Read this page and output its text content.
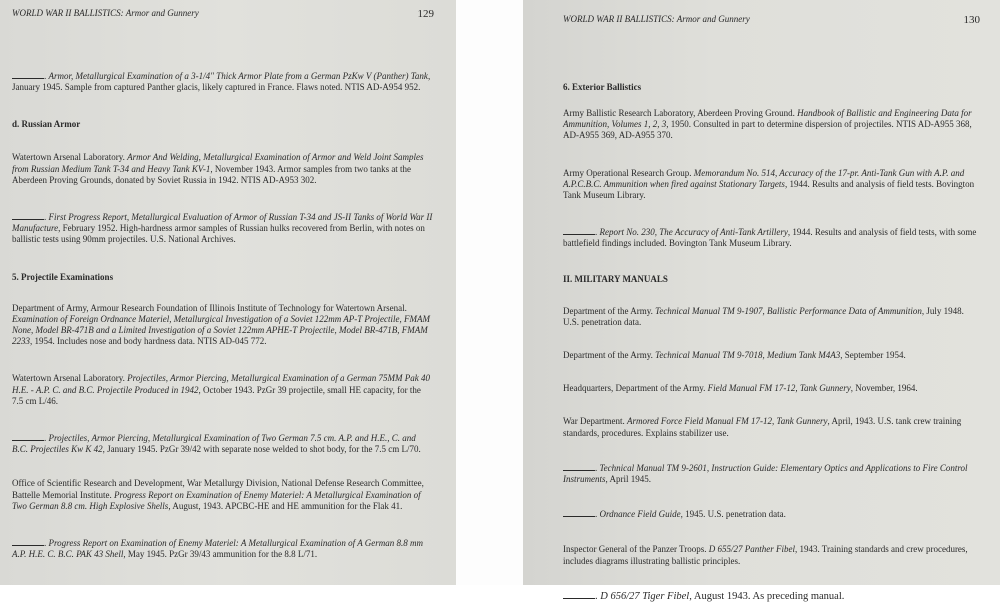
WORLD WAR II BALLISTICS: Armor and Gunnery	129

. Armor, Metallurgical Examination of a 3-1/4" Thick Armor Plate from a German PzKw V (Panther) Tank, January 1945. Sample from captured Panther glacis, likely captured in France. Flaws noted. NTIS AD-A954 952.

d. Russian Armor

Watertown Arsenal Laboratory. Armor And Welding, Metallurgical Examination of Armor and Weld Joint Samples from Russian Medium Tank T-34 and Heavy Tank KV-1, November 1943. Armor samples from two tanks at the Aberdeen Proving Grounds, donated by Soviet Russia in 1942. NTIS AD-A953 302.

. First Progress Report, Metallurgical Evaluation of Armor of Russian T-34 and JS-II Tanks of World War II Manufacture, February 1952. High-hardness armor samples of Russian hulks recovered from Berlin, with notes on ballistic tests using 90mm projectiles. U.S. National Archives.

5. Projectile Examinations

Department of Army, Armour Research Foundation of Illinois Institute of Technology for Watertown Arsenal. Examination of Foreign Ordnance Materiel, Metallurgical Investigation of a Soviet 122mm AP-T Projectile, FMAM None, Model BR-471B and a Limited Investigation of a Soviet 122mm APHE-T Projectile, Model BR-471B, FMAM 2233, 1954. Includes nose and body hardness data. NTIS AD-045 772.

Watertown Arsenal Laboratory. Projectiles, Armor Piercing, Metallurgical Examination of a German 75MM Pak 40 H.E. - A.P. C. and B.C. Projectile Produced in 1942, October 1943. PzGr 39 projectile, small HE capacity, for the 7.5 cm L/46.

. Projectiles, Armor Piercing, Metallurgical Examination of Two German 7.5 cm. A.P. and H.E., C. and B.C. Projectiles Kw K 42, January 1945. PzGr 39/42 with separate nose welded to shot body, for the 7.5 cm L/70.

Office of Scientific Research and Development, War Metallurgy Division, National Defense Research Committee, Battelle Memorial Institute. Progress Report on Examination of Enemy Materiel: A Metallurgical Examination of Two German 8.8 cm. High Explosive Shells, August, 1943. APCBC-HE and HE ammunition for the Flak 41.

. Progress Report on Examination of Enemy Materiel: A Metallurgical Examination of A German 8.8 mm A.P. H.E. C. B.C. PAK 43 Shell, May 1945. PzGr 39/43 ammunition for the 8.8 L/71.

WORLD WAR II BALLISTICS: Armor and Gunnery	130

6. Exterior Ballistics

Army Ballistic Research Laboratory, Aberdeen Proving Ground. Handbook of Ballistic and Engineering Data for Ammunition, Volumes 1, 2, 3, 1950. Consulted in part to determine dispersion of projectiles. NTIS AD-A955 368, AD-A955 369, AD-A955 370.

Army Operational Research Group. Memorandum No. 514, Accuracy of the 17-pr. Anti-Tank Gun with A.P. and A.P.C.B.C. Ammunition when fired against Stationary Targets, 1944. Results and analysis of field tests. Bovington Tank Museum Library.

. Report No. 230, The Accuracy of Anti-Tank Artillery, 1944. Results and analysis of field tests, with some battlefield findings included. Bovington Tank Museum Library.

II. MILITARY MANUALS

Department of the Army. Technical Manual TM 9-1907, Ballistic Performance Data of Ammunition, July 1948. U.S. penetration data.

Department of the Army. Technical Manual TM 9-7018, Medium Tank M4A3, September 1954.

Headquarters, Department of the Army. Field Manual FM 17-12, Tank Gunnery, November, 1964.

War Department. Armored Force Field Manual FM 17-12, Tank Gunnery, April, 1943. U.S. tank crew training standards, procedures. Explains stabilizer use.

. Technical Manual TM 9-2601, Instruction Guide: Elementary Optics and Applications to Fire Control Instruments, April 1945.

. Ordnance Field Guide, 1945. U.S. penetration data.

Inspector General of the Panzer Troops. D 655/27 Panther Fibel, 1943. Training standards and crew procedures, includes diagrams illustrating ballistic principles.

. D 656/27 Tiger Fibel, August 1943. As preceding manual.
